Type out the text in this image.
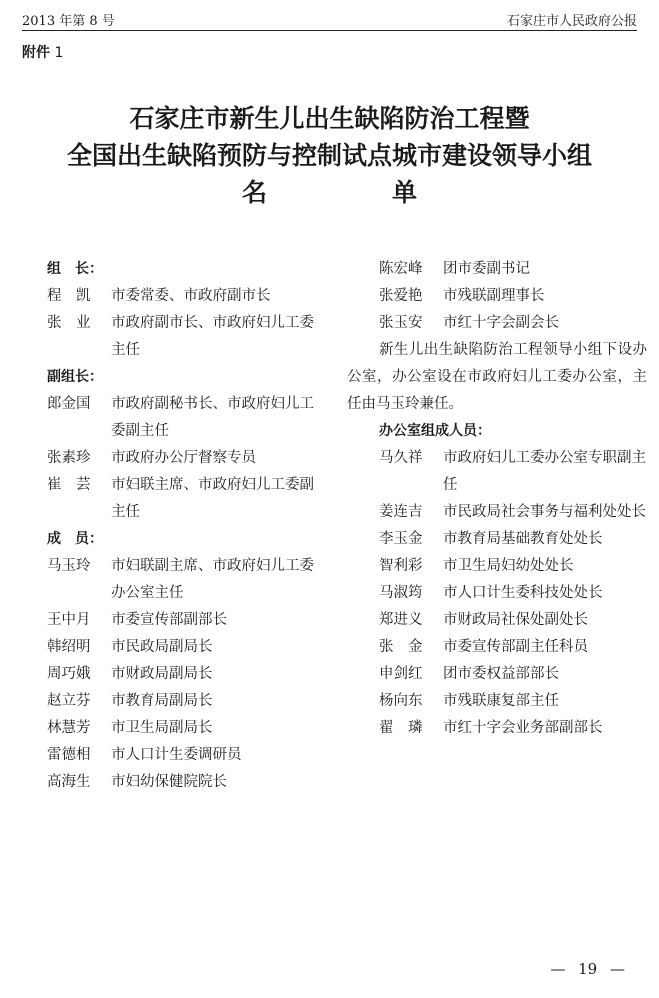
2013 年第 8 号	石家庄市人民政府公报
附件 1
石家庄市新生儿出生缺陷防治工程暨
全国出生缺陷预防与控制试点城市建设领导小组
名　　　　　单
组　长：
程　凯	市委常委、市政府副市长
张　业	市政府副市长、市政府妇儿工委主任
副组长：
郎金国	市政府副秘书长、市政府妇儿工委副主任
张素珍	市政府办公厅督察专员
崔　芸	市妇联主席、市政府妇儿工委副主任
成　员：
马玉玲	市妇联副主席、市政府妇儿工委办公室主任
王中月	市委宣传部副部长
韩绍明	市民政局副局长
周巧娥	市财政局副局长
赵立芬	市教育局副局长
林慧芳	市卫生局副局长
雷德相	市人口计生委调研员
高海生	市妇幼保健院院长
陈宏峰	团市委副书记
张爱艳	市残联副理事长
张玉安	市红十字会副会长
新生儿出生缺陷防治工程领导小组下设办公室，办公室设在市政府妇儿工委办公室，主任由马玉玲兼任。
办公室组成人员：
马久祥	市政府妇儿工委办公室专职副主任
姜连吉	市民政局社会事务与福利处处长
李玉金	市教育局基础教育处处长
智利彩	市卫生局妇幼处处长
马淑筠	市人口计生委科技处处长
郑进义	市财政局社保处副处长
张　金	市委宣传部副主任科员
申剑红	团市委权益部部长
杨向东	市残联康复部主任
翟　璘	市红十字会业务部副部长
— 19 —
